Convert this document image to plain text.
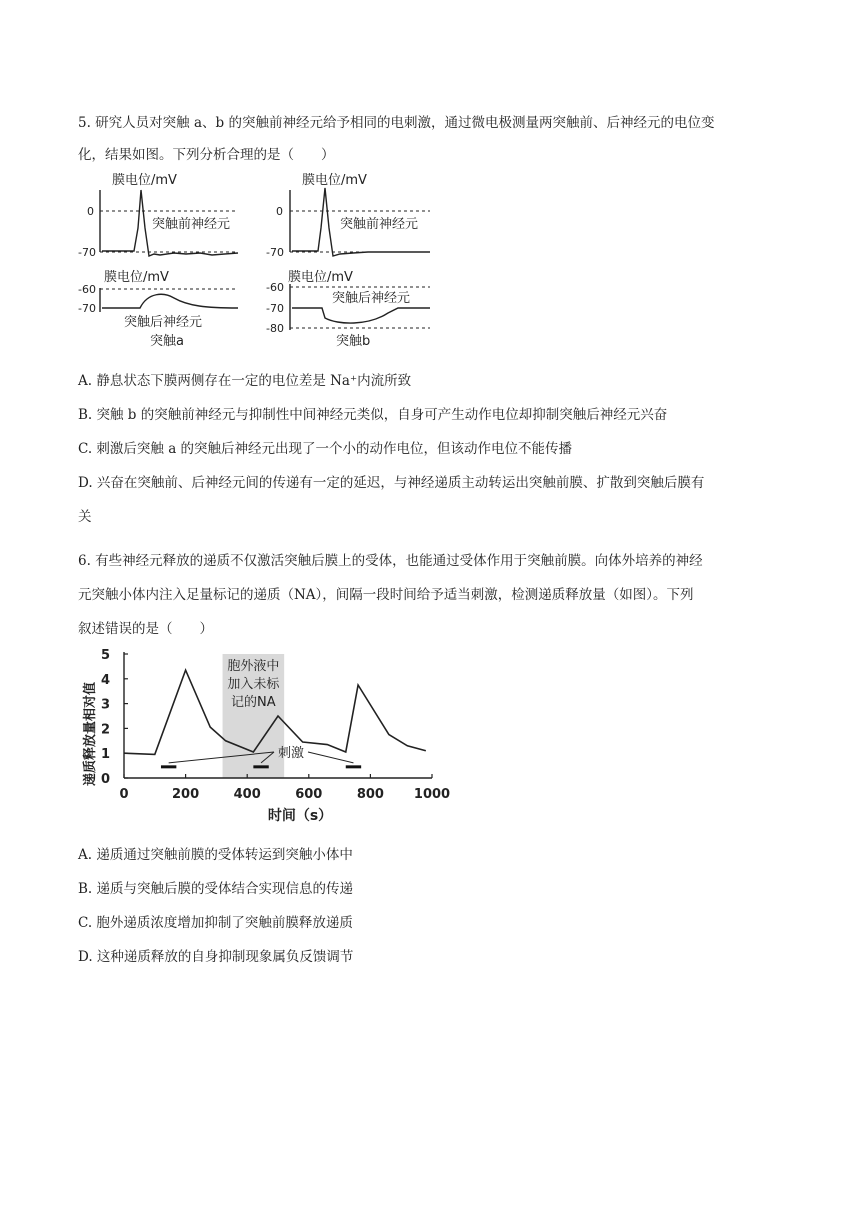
5. 研究人员对突触 a、b 的突触前神经元给予相同的电刺激，通过微电极测量两突触前、后神经元的电位变
化，结果如图。下列分析合理的是（　　）
膜电位/mV	膜电位/mV
突触前神经元	突触前神经元
膜电位/mV	膜电位/mV
突触后神经元
突触后神经元
突触a	突触b
0
-70
0
-70
-60
-70
-60
-70
-80
A. 静息状态下膜两侧存在一定的电位差是 Na⁺内流所致
B. 突触 b 的突触前神经元与抑制性中间神经元类似，自身可产生动作电位却抑制突触后神经元兴奋
C. 刺激后突触 a 的突触后神经元出现了一个小的动作电位，但该动作电位不能传播
D. 兴奋在突触前、后神经元间的传递有一定的延迟，与神经递质主动转运出突触前膜、扩散到突触后膜有
关
6. 有些神经元释放的递质不仅激活突触后膜上的受体，也能通过受体作用于突触前膜。向体外培养的神经
元突触小体内注入足量标记的递质（NA），间隔一段时间给予适当刺激，检测递质释放量（如图）。下列
叙述错误的是（　　）
胞外液中
加入未标
记的NA
0
1
2
3
4
5
0	200	400	600	800 1000
递质释放量相对值
时间（s）
刺激
A. 递质通过突触前膜的受体转运到突触小体中
B. 递质与突触后膜的受体结合实现信息的传递
C. 胞外递质浓度增加抑制了突触前膜释放递质
D. 这种递质释放的自身抑制现象属负反馈调节
